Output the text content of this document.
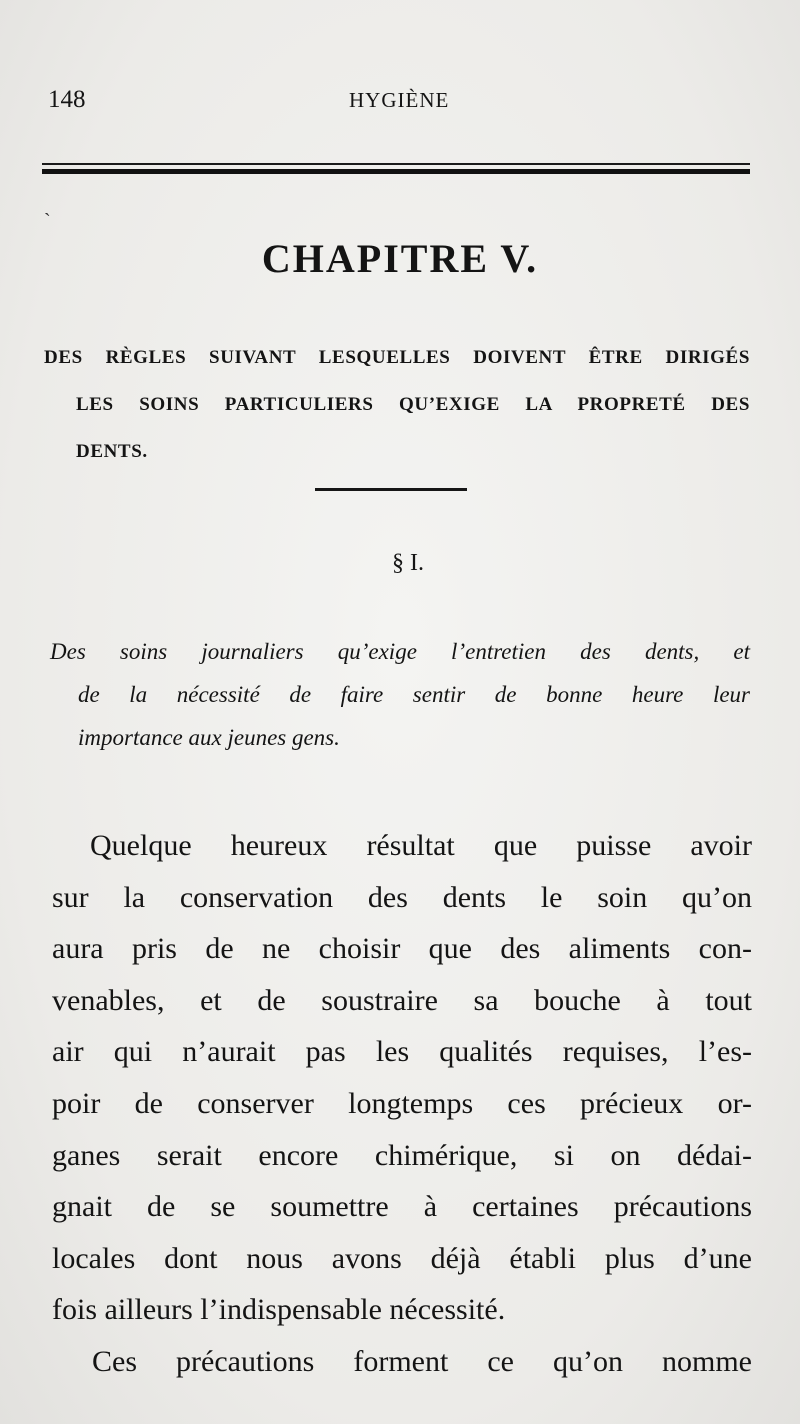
148	HYGIÈNE
ˋ
CHAPITRE V.

DES RÈGLES SUIVANT LESQUELLES DOIVENT ÊTRE DIRIGÉS
LES SOINS PARTICULIERS QU’EXIGE LA PROPRETÉ DES
DENTS.

§ I.

Des soins journaliers qu’exige l’entretien des dents, et
de la nécessité de faire sentir de bonne heure leur
importance aux jeunes gens.

Quelque heureux résultat que puisse avoir
sur la conservation des dents le soin qu’on
aura pris de ne choisir que des aliments con-
venables, et de soustraire sa bouche à tout
air qui n’aurait pas les qualités requises, l’es-
poir de conserver longtemps ces précieux or-
ganes serait encore chimérique, si on dédai-
gnait de se soumettre à certaines précautions
locales dont nous avons déjà établi plus d’une
fois ailleurs l’indispensable nécessité.
Ces précautions forment ce qu’on nomme
